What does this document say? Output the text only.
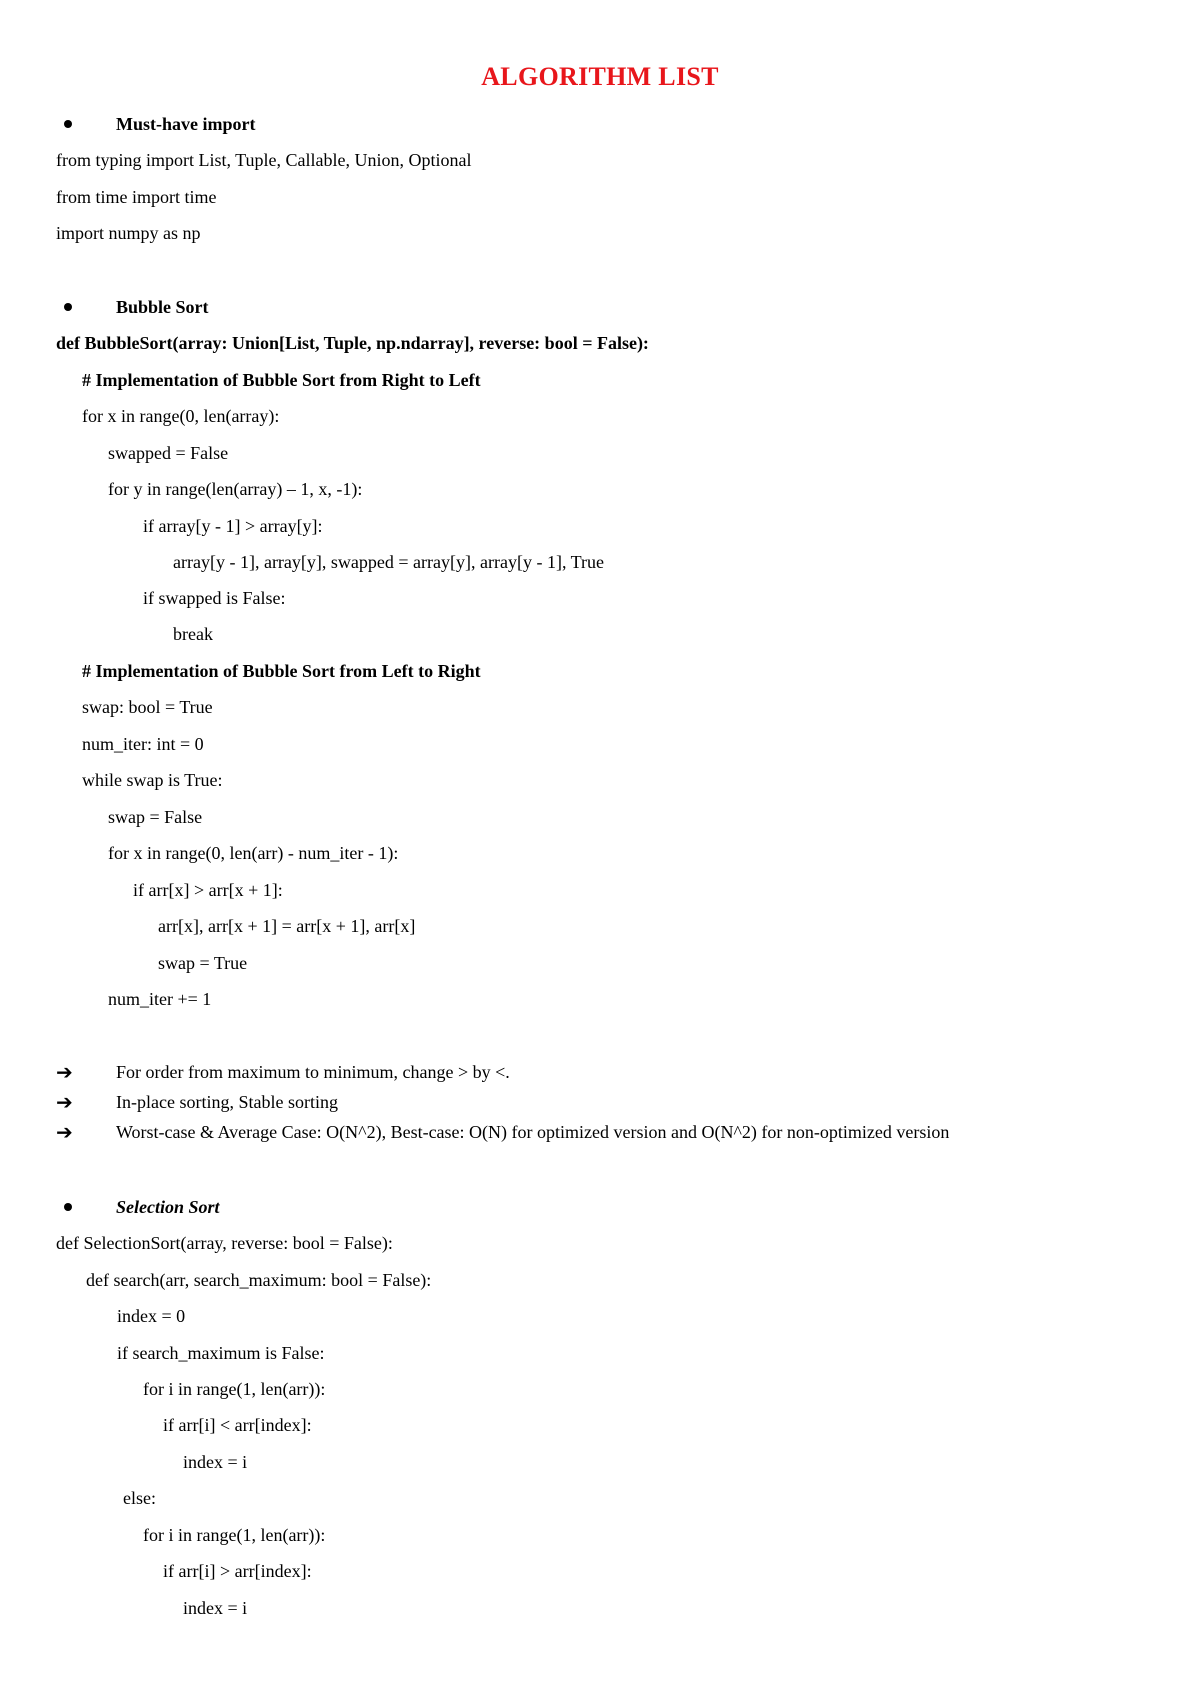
ALGORITHM LIST
Must-have import
from typing import List, Tuple, Callable, Union, Optional
from time import time
import numpy as np
Bubble Sort
def BubbleSort(array: Union[List, Tuple, np.ndarray], reverse: bool = False):
# Implementation of Bubble Sort from Right to Left
for x in range(0, len(array):
swapped = False
for y in range(len(array) – 1, x, -1):
if array[y - 1] > array[y]:
array[y - 1], array[y], swapped = array[y], array[y - 1], True
if swapped is False:
break
# Implementation of Bubble Sort from Left to Right
swap: bool = True
num_iter: int = 0
while swap is True:
swap = False
for x in range(0, len(arr) - num_iter - 1):
if arr[x] > arr[x + 1]:
arr[x], arr[x + 1] = arr[x + 1], arr[x]
swap = True
num_iter += 1
➔ For order from maximum to minimum, change > by <.
➔ In-place sorting, Stable sorting
➔ Worst-case & Average Case: O(N^2), Best-case: O(N) for optimized version and O(N^2) for non-optimized version
Selection Sort
def SelectionSort(array, reverse: bool = False):
def search(arr, search_maximum: bool = False):
index = 0
if search_maximum is False:
for i in range(1, len(arr)):
if arr[i] < arr[index]:
index = i
else:
for i in range(1, len(arr)):
if arr[i] > arr[index]:
index = i
